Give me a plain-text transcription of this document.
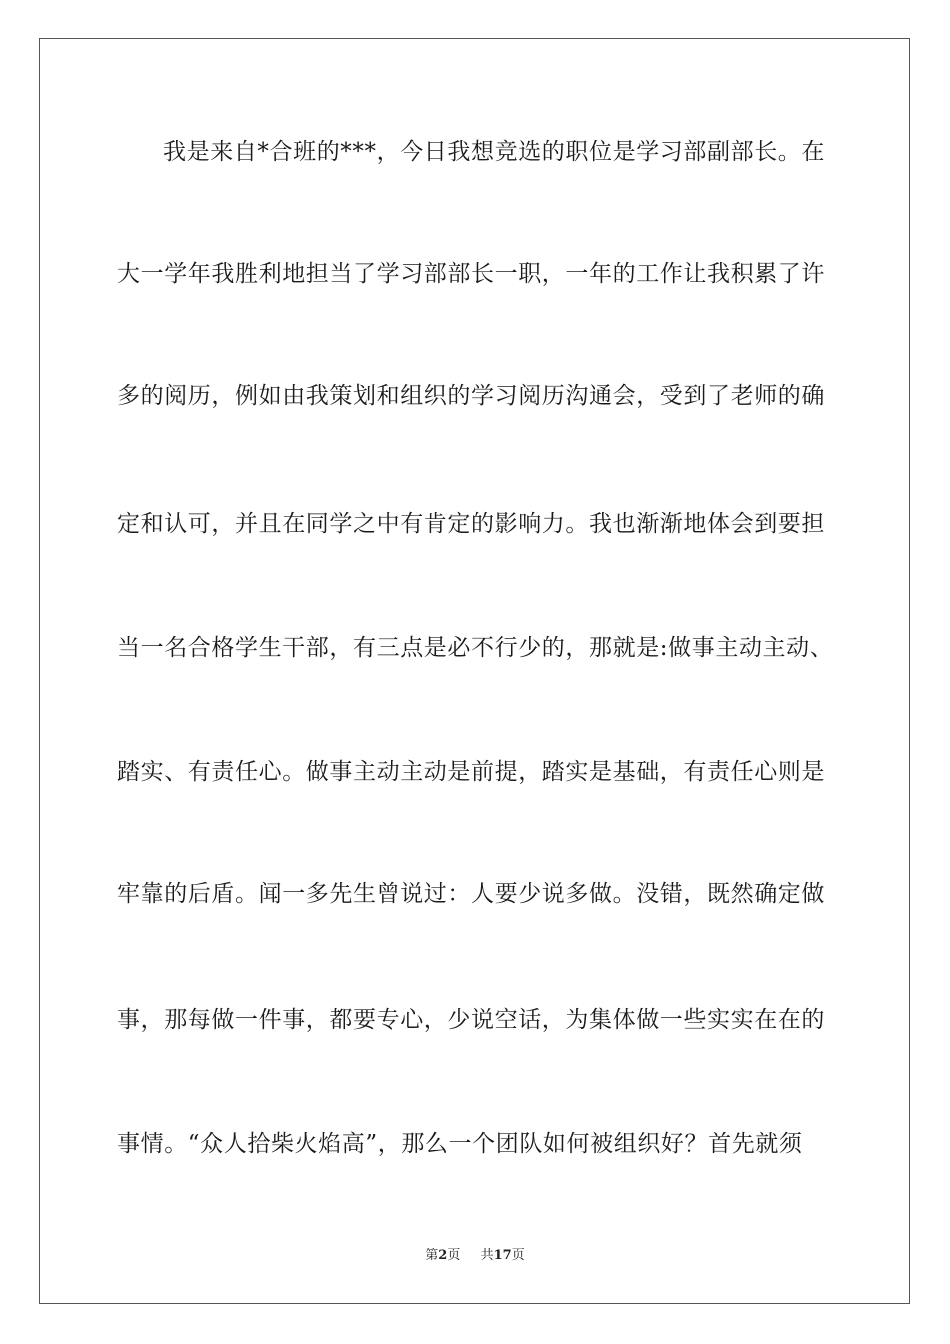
我是来自*合班的***，今日我想竞选的职位是学习部副部长。在
大一学年我胜利地担当了学习部部长一职，一年的工作让我积累了许
多的阅历，例如由我策划和组织的学习阅历沟通会，受到了老师的确
定和认可，并且在同学之中有肯定的影响力。我也渐渐地体会到要担
当一名合格学生干部，有三点是必不行少的，那就是:做事主动主动、
踏实、有责任心。做事主动主动是前提，踏实是基础，有责任心则是
牢靠的后盾。闻一多先生曾说过：人要少说多做。没错，既然确定做
事，那每做一件事，都要专心，少说空话，为集体做一些实实在在的
事情。“众人拾柴火焰高”，那么一个团队如何被组织好？首先就须
第2页 共17页
